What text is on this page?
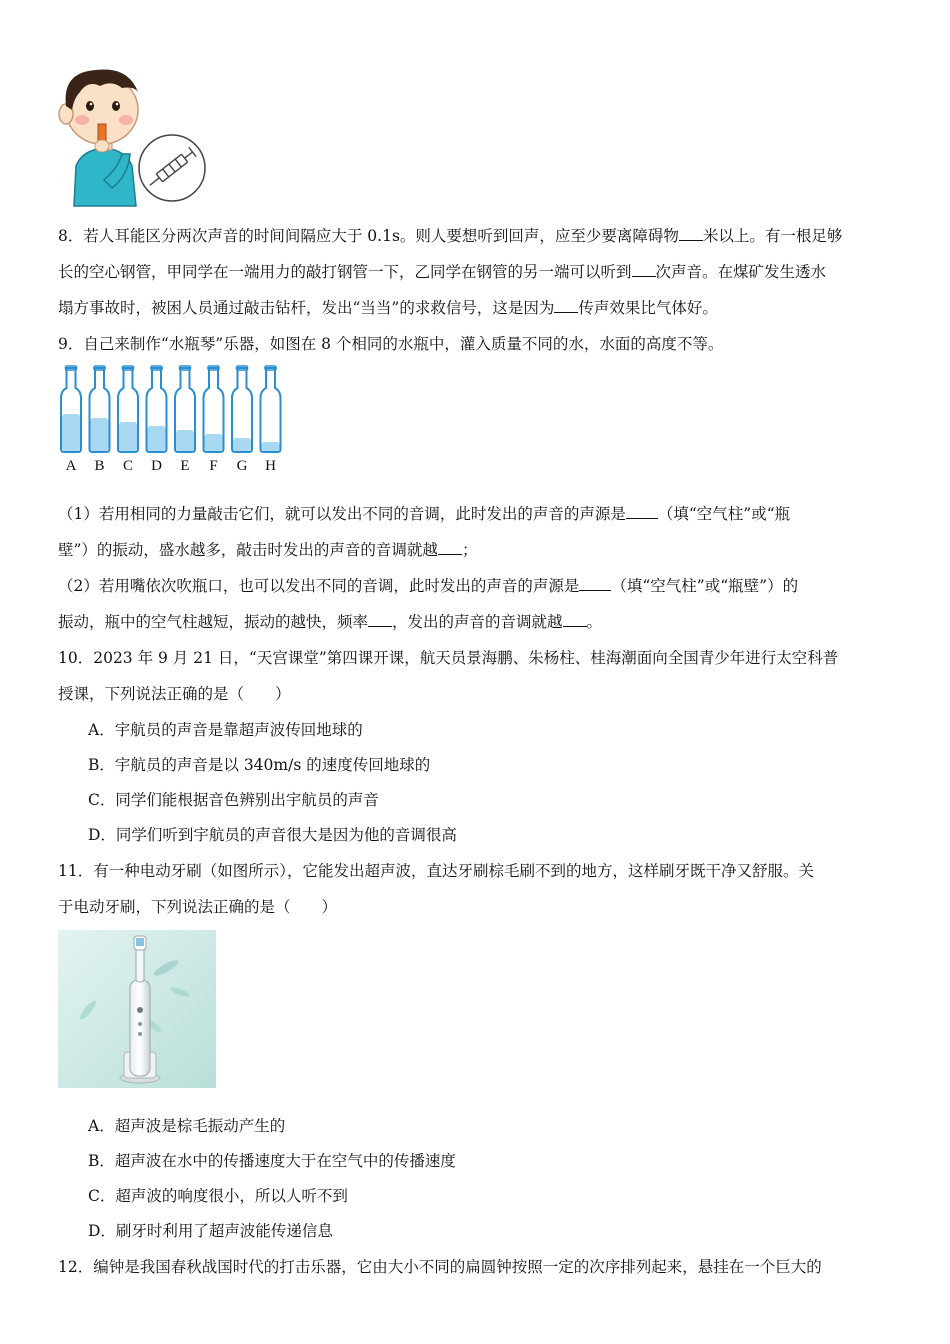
8．若人耳能区分两次声音的时间间隔应大于 0.1s。则人要想听到回声，应至少要离障碍物 米以上。有一根足够
长的空心钢管，甲同学在一端用力的敲打钢管一下，乙同学在钢管的另一端可以听到 次声音。在煤矿发生透水
塌方事故时，被困人员通过敲击钻杆，发出“当当”的求救信号，这是因为 传声效果比气体好。
9．自己来制作“水瓶琴”乐器，如图在 8 个相同的水瓶中，灌入质量不同的水，水面的高度不等。
A B C D E F G H
（1）若用相同的力量敲击它们，就可以发出不同的音调，此时发出的声音的声源是 （填“空气柱”或“瓶
壁”）的振动，盛水越多，敲击时发出的声音的音调就越 ；
（2）若用嘴依次吹瓶口，也可以发出不同的音调，此时发出的声音的声源是 （填“空气柱”或“瓶壁”）的
振动，瓶中的空气柱越短，振动的越快，频率 ，发出的声音的音调就越 。
10．2023 年 9 月 21 日，“天宫课堂”第四课开课，航天员景海鹏、朱杨柱、桂海潮面向全国青少年进行太空科普
授课，下列说法正确的是（　　）
A．宇航员的声音是靠超声波传回地球的
B．宇航员的声音是以 340m/s 的速度传回地球的
C．同学们能根据音色辨别出宇航员的声音
D．同学们听到宇航员的声音很大是因为他的音调很高
11．有一种电动牙刷（如图所示），它能发出超声波，直达牙刷棕毛刷不到的地方，这样刷牙既干净又舒服。关
于电动牙刷，下列说法正确的是（　　）
A．超声波是棕毛振动产生的
B．超声波在水中的传播速度大于在空气中的传播速度
C．超声波的响度很小，所以人听不到
D．刷牙时利用了超声波能传递信息
12．编钟是我国春秋战国时代的打击乐器，它由大小不同的扁圆钟按照一定的次序排列起来，悬挂在一个巨大的
